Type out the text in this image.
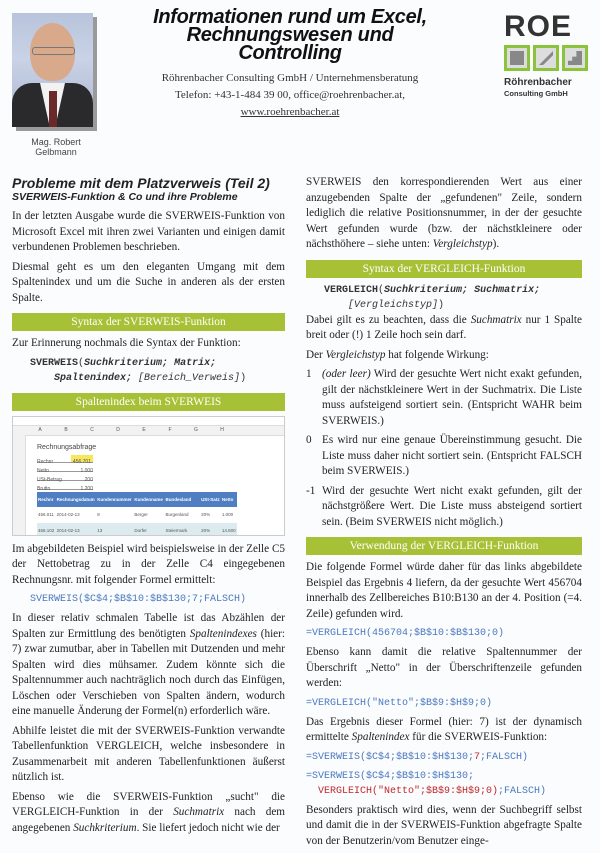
Mag. Robert
Gelbmann
Informationen rund um Excel,
Rechnungswesen und
Controlling
Röhrenbacher Consulting GmbH / Unternehmensberatung
Telefon: +43-1-484 39 00, office@roehrenbacher.at,
www.roehrenbacher.at
ROE
Röhrenbacher
Consulting GmbH
Probleme mit dem Platzverweis (Teil 2)
SVERWEIS-Funktion & Co und ihre Probleme

In der letzten Ausgabe wurde die SVERWEIS-Funktion von Microsoft Excel mit ihren zwei Varianten und einigen damit verbundenen Problemen beschrieben.

Diesmal geht es um den eleganten Umgang mit dem Spaltenindex und um die Suche in anderen als der ersten Spalte.

Syntax der SVERWEIS-Funktion

Zur Erinnerung nochmals die Syntax der Funktion:

SVERWEIS(Suchkriterium; Matrix;
Spaltenindex; [Bereich_Verweis])
Spaltenindex beim SVERWEIS
A	B	C	D	E	F	G	H
Rechnungsabfrage
Rechnr	456.701
Netto	1.000
USt-Betrag	200
Brutto	1.200
Rechnr	Rechnungsdatum	Kundennummer	Kundenname	Bundesland	USt-Satz	Netto
456.011	2014-02-13	8	Berger	Burgenland	20%	1.000
456.102	2014-02-13	13	Dorfer	Steiermark	20%	14.600

Im abgebildeten Beispiel wird beispielsweise in der Zelle C5 der Nettobetrag zu in der Zelle C4 eingegebenen Rechnungsnr. mit folgender Formel ermittelt:

SVERWEIS($C$4;$B$10:$B$130;7;FALSCH)

In dieser relativ schmalen Tabelle ist das Abzählen der Spalten zur Ermittlung des benötigten Spaltenindexes (hier: 7) zwar zumutbar, aber in Tabellen mit Dutzenden und mehr Spalten wird dies mühsamer. Zudem könnte sich die Spaltennummer auch nachträglich noch durch das Einfügen, Löschen oder Verschieben von Spalten ändern, wodurch eine manuelle Änderung der Formel(n) erforderlich wäre.

Abhilfe leistet die mit der SVERWEIS-Funktion verwandte Tabellenfunktion VERGLEICH, welche insbesondere in Zusammenarbeit mit anderen Tabellenfunktionen äußerst nützlich ist.

Ebenso wie die SVERWEIS-Funktion „sucht" die VERGLEICH-Funktion in der Suchmatrix nach dem angegebenen Suchkriterium. Sie liefert jedoch nicht wie der

SVERWEIS den korrespondierenden Wert aus einer anzugebenden Spalte der „gefundenen" Zeile, sondern lediglich die relative Positionsnummer, in der der gesuchte Wert gefunden wurde (bzw. der nächstkleinere oder nächsthöhere – siehe unten: Vergleichstyp).

Syntax der VERGLEICH-Funktion
VERGLEICH(Suchkriterium; Suchmatrix;
[Vergleichstyp])

Dabei gilt es zu beachten, dass die Suchmatrix nur 1 Spalte breit oder (!) 1 Zeile hoch sein darf.

Der Vergleichstyp hat folgende Wirkung:

1 (oder leer) Wird der gesuchte Wert nicht exakt gefunden, gilt der nächstkleinere Wert in der Suchmatrix. Die Liste muss aufsteigend sortiert sein. (Entspricht WAHR beim SVERWEIS.)
0 Es wird nur eine genaue Übereinstimmung gesucht. Die Liste muss daher nicht sortiert sein. (Entspricht FALSCH beim SVERWEIS.)
-1 Wird der gesuchte Wert nicht exakt gefunden, gilt der nächstgrößere Wert. Die Liste muss absteigend sortiert sein. (Beim SVERWEIS nicht möglich.)
Verwendung der VERGLEICH-Funktion

Die folgende Formel würde daher für das links abgebildete Beispiel das Ergebnis 4 liefern, da der gesuchte Wert 456704 innerhalb des Zellbereiches B10:B130 an der 4. Position (=4. Zeile) gefunden wird.

=VERGLEICH(456704;$B$10:$B$130;0)

Ebenso kann damit die relative Spaltennummer der Überschrift „Netto" in der Überschriftenzeile gefunden werden:

=VERGLEICH("Netto";$B$9:$H$9;0)

Das Ergebnis dieser Formel (hier: 7) ist der dynamisch ermittelte Spaltenindex für die SVERWEIS-Funktion:

=SVERWEIS($C$4;$B$10:$H$130;7;FALSCH)
=SVERWEIS($C$4;$B$10:$H$130;
VERGLEICH("Netto";$B$9:$H$9;0);FALSCH)

Besonders praktisch wird dies, wenn der Suchbegriff selbst und damit die in der SVERWEIS-Funktion abgefragte Spalte von der Benutzerin/vom Benutzer einge-
